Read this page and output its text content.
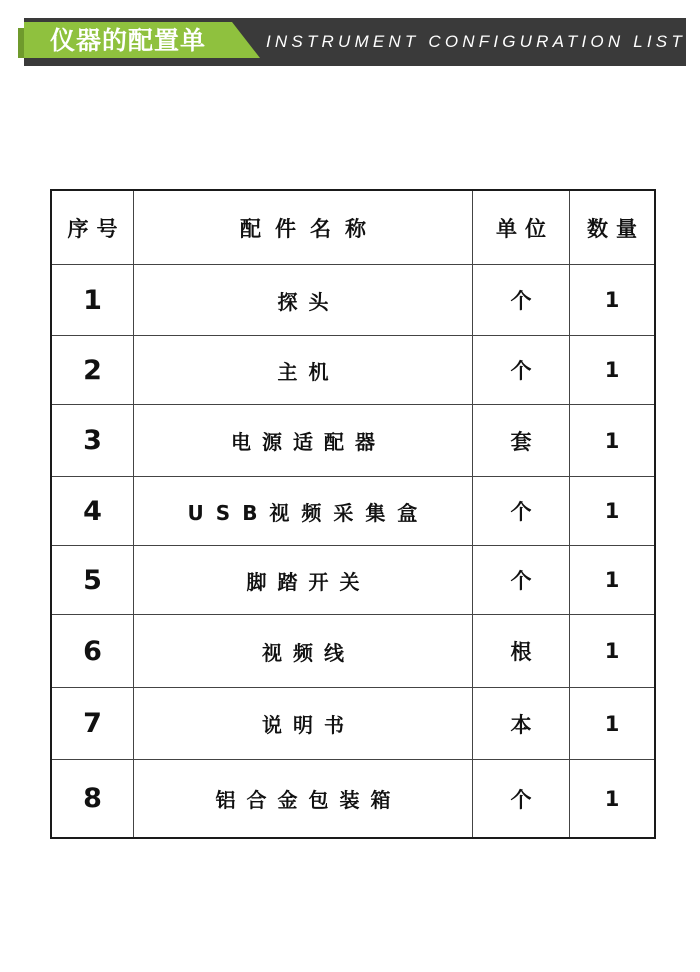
仪器的配置单	INSTRUMENT CONFIGURATION LIST
序号	配件名称	单位	数量
1	探头	个	1
2	主机	个	1
3	电源适配器	套	1
4	USB视频采集盒	个	1
5	脚踏开关	个	1
6	视频线	根	1
7	说明书	本	1
8	铝合金包装箱	个	1
